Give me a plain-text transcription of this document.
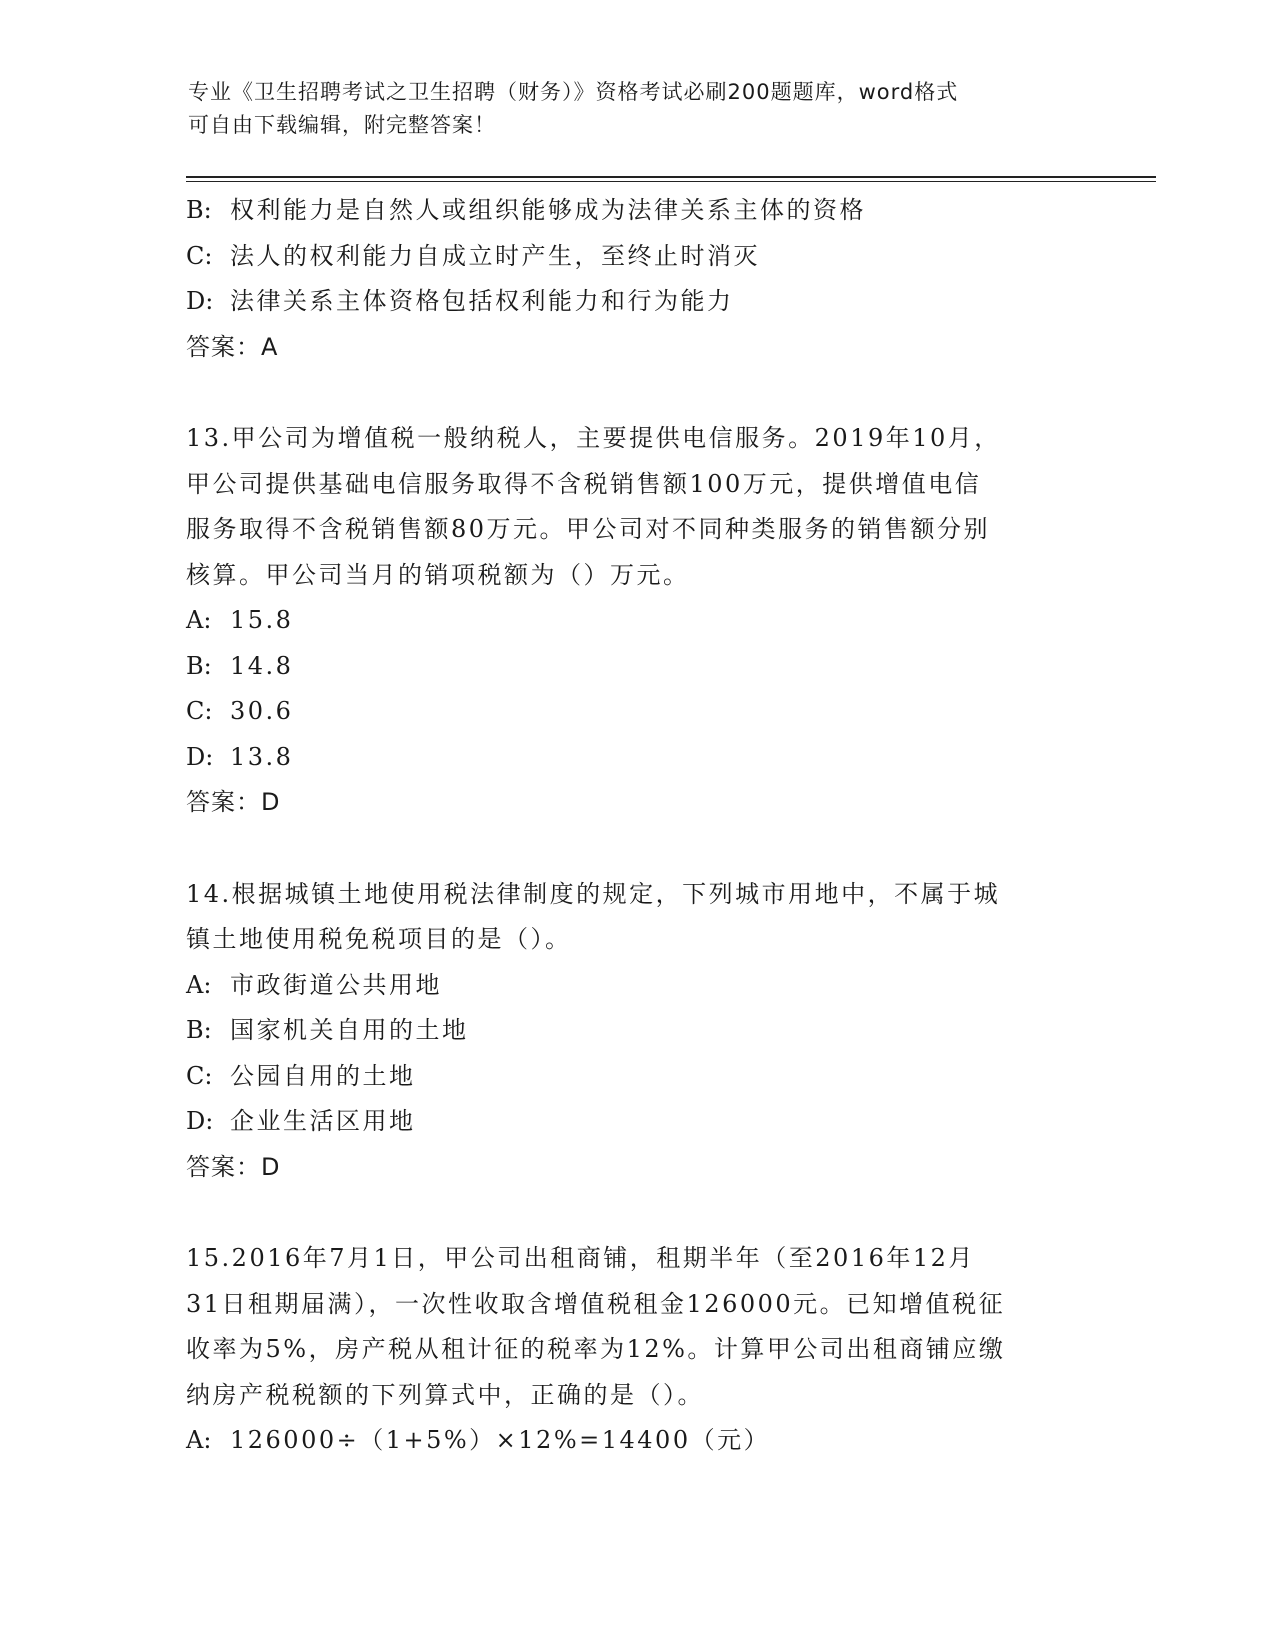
专业《卫生招聘考试之卫生招聘（财务）》资格考试必刷200题题库，word格式
可自由下载编辑，附完整答案！
B: 权利能力是自然人或组织能够成为法律关系主体的资格
C: 法人的权利能力自成立时产生，至终止时消灭
D: 法律关系主体资格包括权利能力和行为能力
答案：A
13.甲公司为增值税一般纳税人，主要提供电信服务。2019年10月，
甲公司提供基础电信服务取得不含税销售额100万元，提供增值电信
服务取得不含税销售额80万元。甲公司对不同种类服务的销售额分别
核算。甲公司当月的销项税额为（）万元。
A: 15.8
B: 14.8
C: 30.6
D: 13.8
答案：D
14.根据城镇土地使用税法律制度的规定，下列城市用地中，不属于城
镇土地使用税免税项目的是（）。
A: 市政街道公共用地
B: 国家机关自用的土地
C: 公园自用的土地
D: 企业生活区用地
答案：D
15.2016年7月1日，甲公司出租商铺，租期半年（至2016年12月
31日租期届满），一次性收取含增值税租金126000元。已知增值税征
收率为5%，房产税从租计征的税率为12%。计算甲公司出租商铺应缴
纳房产税税额的下列算式中，正确的是（）。
A: 126000÷（1+5%）×12%=14400（元）
